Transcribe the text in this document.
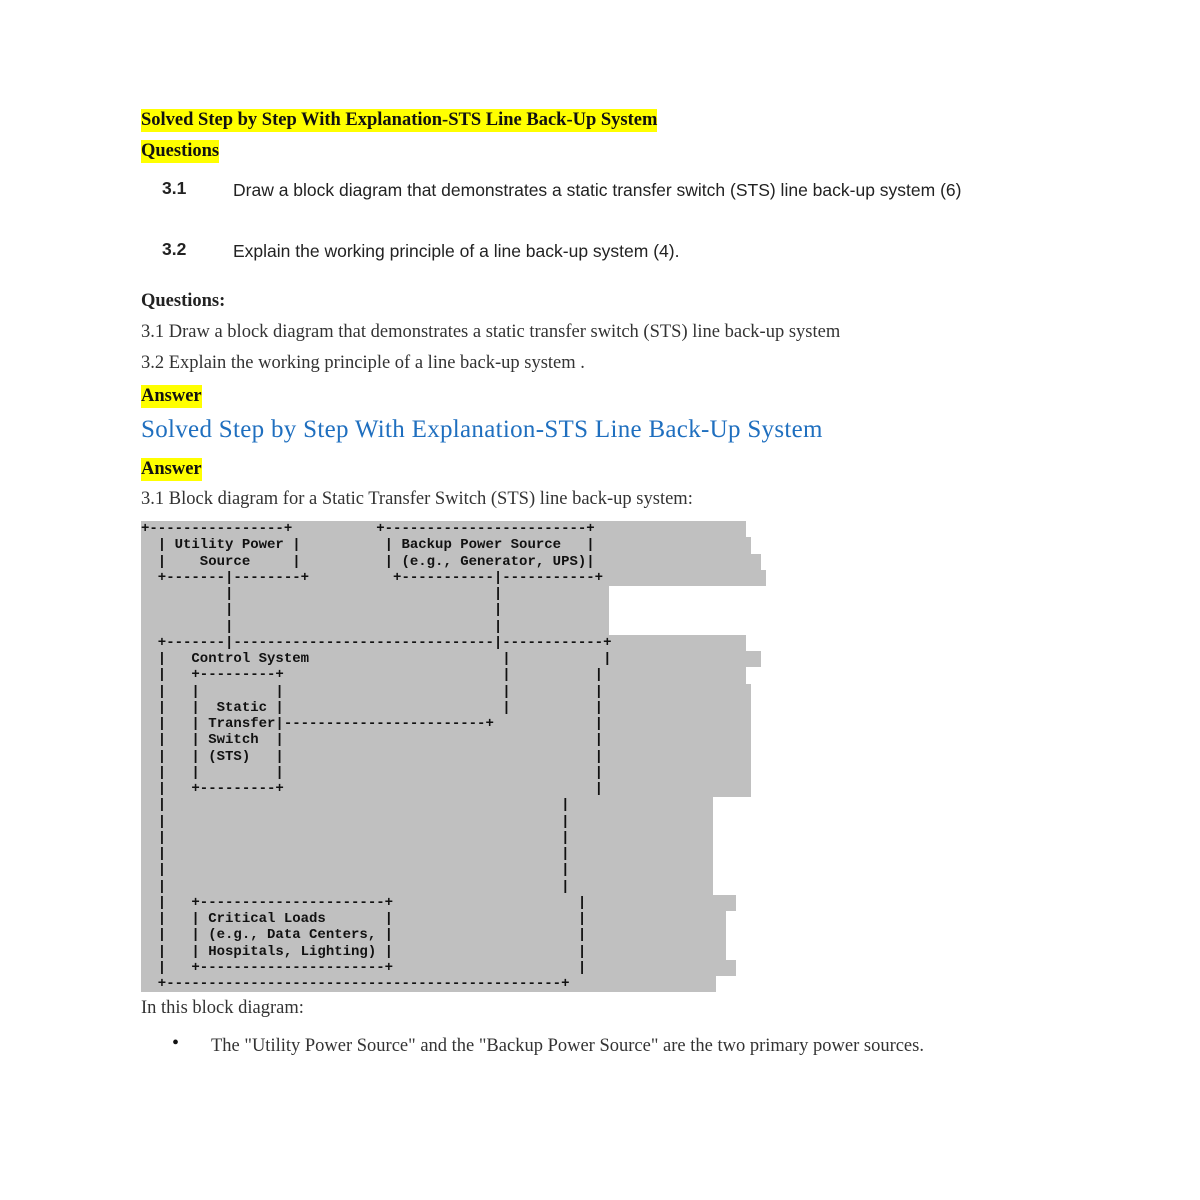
Solved Step by Step With Explanation-STS Line Back-Up System
Questions
3.1	Draw a block diagram that demonstrates a static transfer switch (STS) line back-up system (6)
3.2	Explain the working principle of a line back-up system (4).
Questions:
3.1 Draw a block diagram that demonstrates a static transfer switch (STS) line back-up system
3.2 Explain the working principle of a line back-up system .
Answer
Solved Step by Step With Explanation-STS Line Back-Up System
Answer
3.1 Block diagram for a Static Transfer Switch (STS) line back-up system:
+----------------+          +------------------------+
| Utility Power |          | Backup Power Source   |
|    Source     |          | (e.g., Generator, UPS)|
+-------|--------+          +-----------|-----------+
|                               |
|                               |
|                               |
+-------|-------------------------------|------------+
|   Control System                       |           |
|   +---------+                          |          |
|   |         |                          |          |
|   |  Static |                          |          |
|   | Transfer|------------------------+            |
|   | Switch  |                                     |
|   | (STS)   |                                     |
|   |         |                                     |
|   +---------+                                     |
|                                               |
|                                               |
|                                               |
|                                               |
|                                               |
|                                               |
|   +----------------------+                      |
|   | Critical Loads       |                      |
|   | (e.g., Data Centers, |                      |
|   | Hospitals, Lighting) |                      |
|   +----------------------+                      |
+-----------------------------------------------+
In this block diagram:
• The "Utility Power Source" and the "Backup Power Source" are the two primary power sources.
